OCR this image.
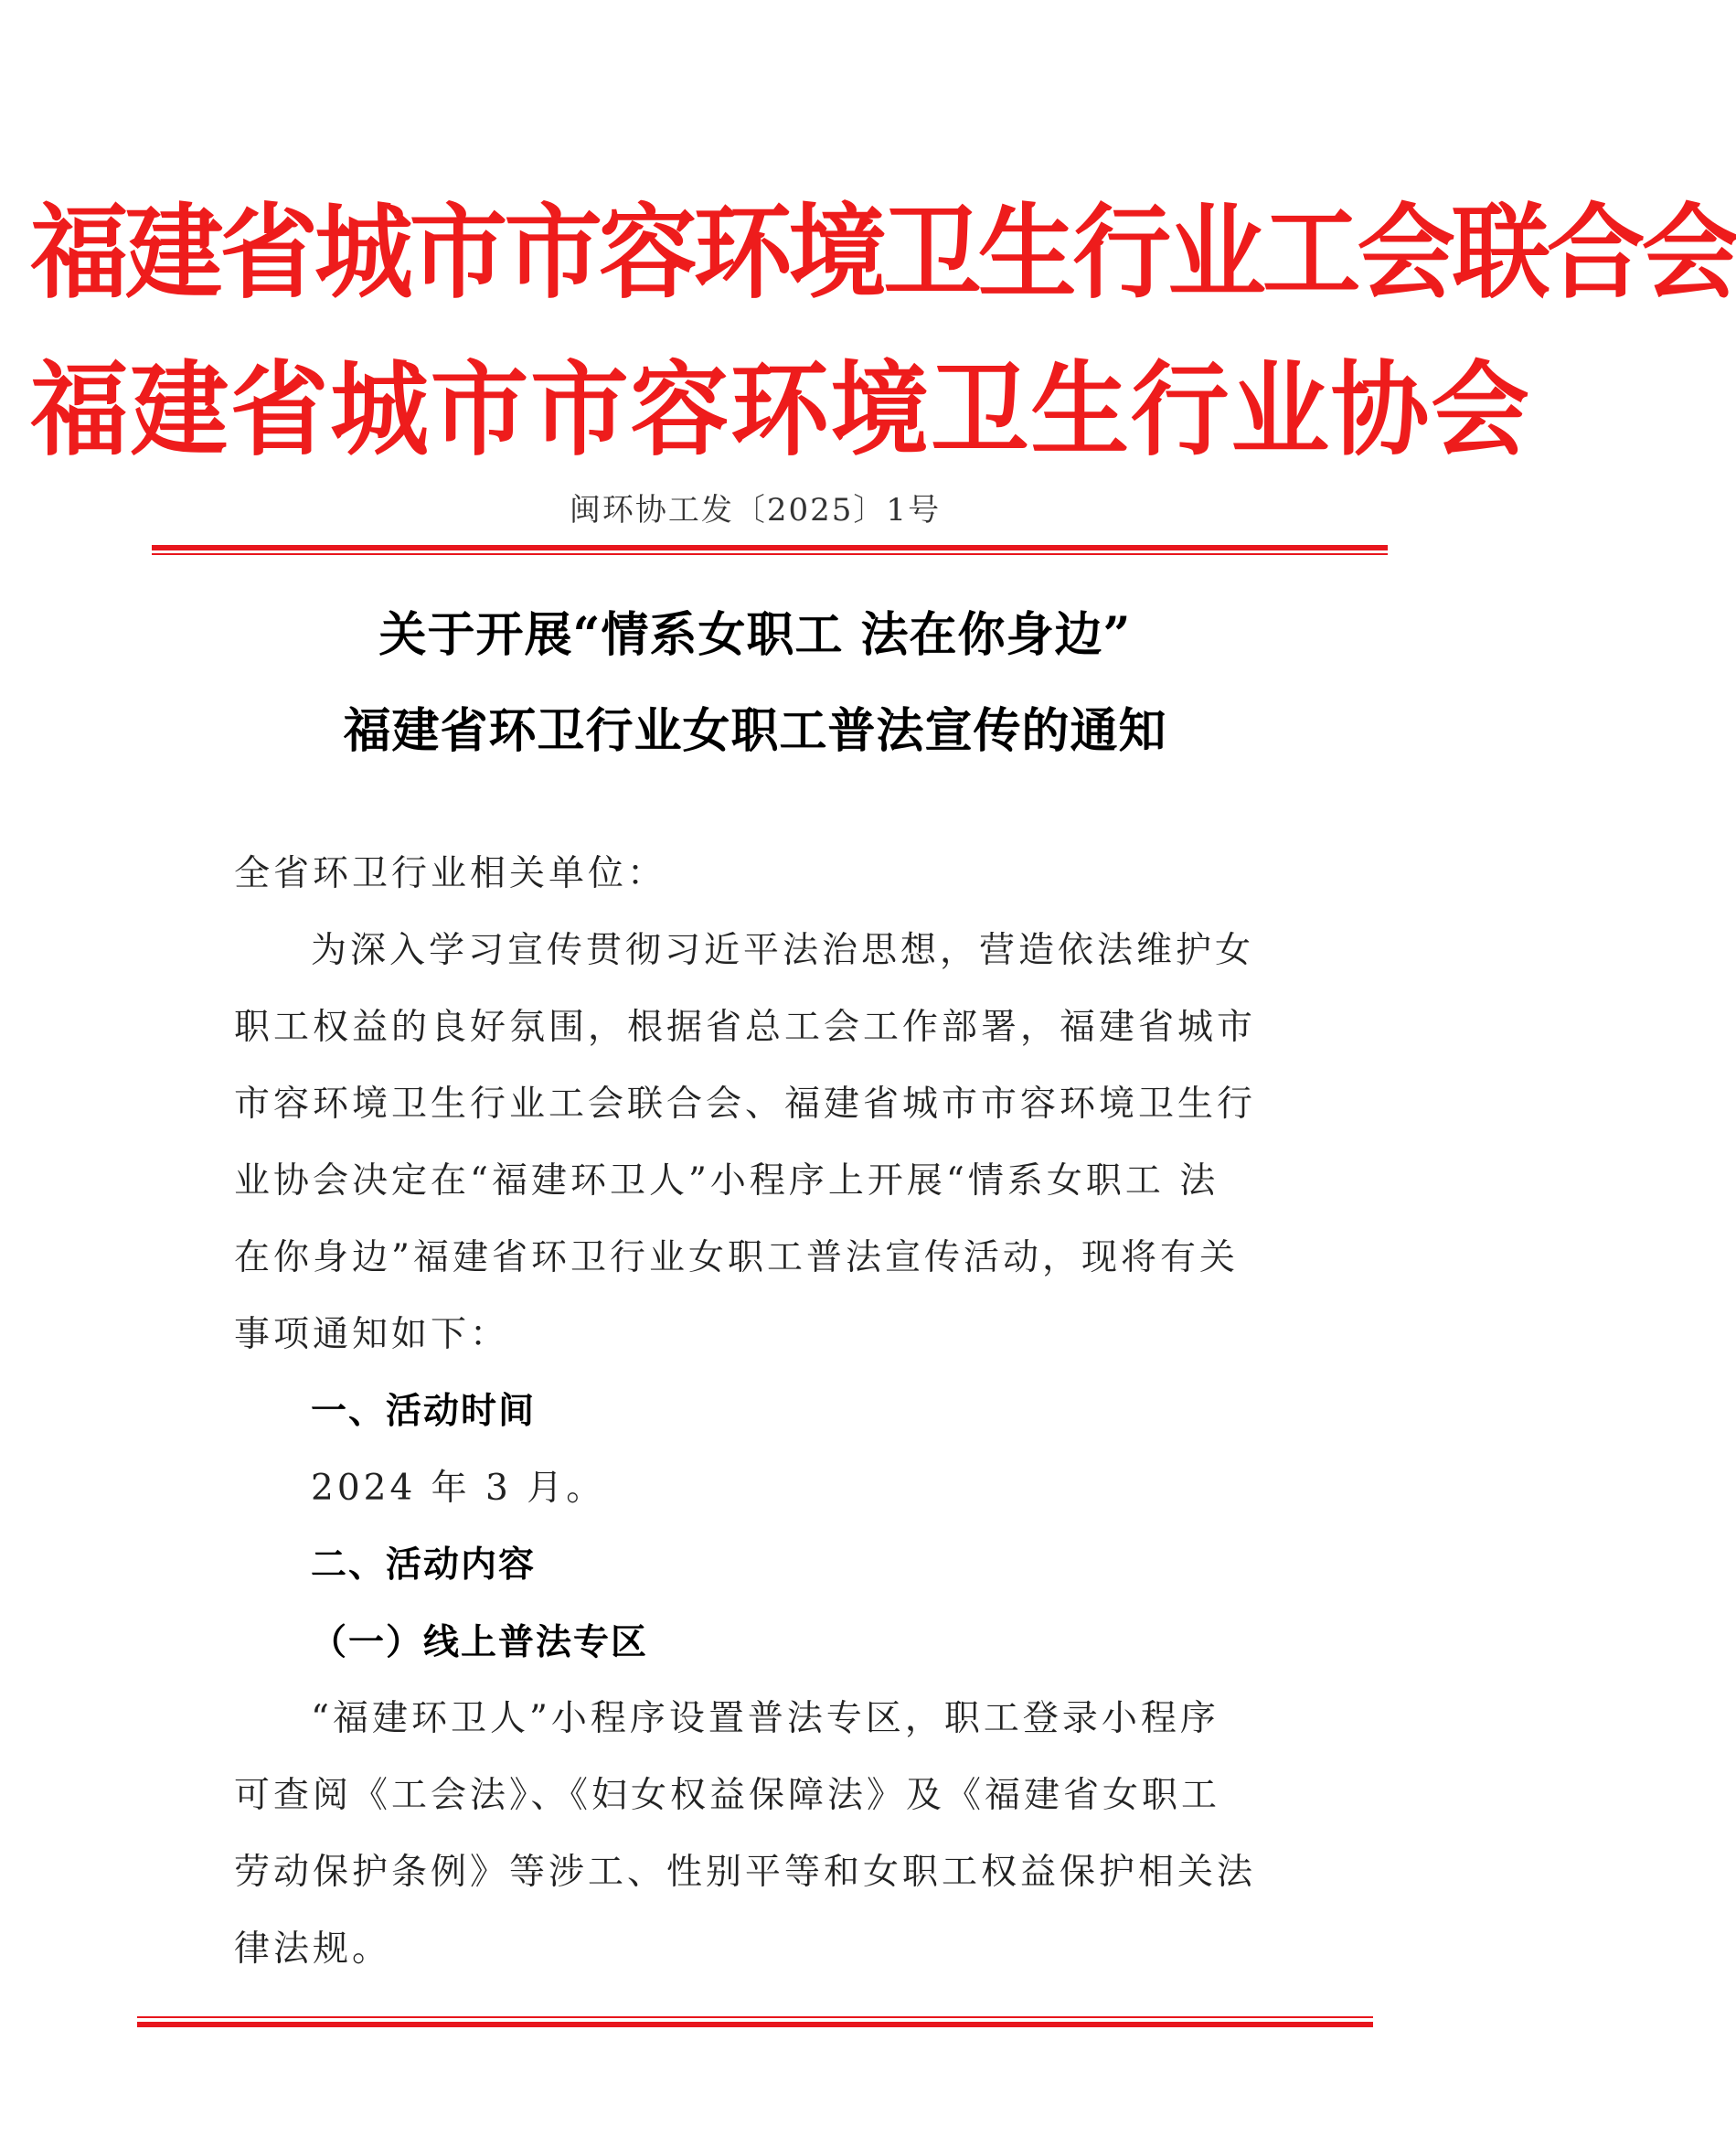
福建省城市市容环境卫生行业工会联合会
福建省城市市容环境卫生行业协会
闽环协工发〔2025〕1号
关于开展“情系女职工 法在你身边”
福建省环卫行业女职工普法宣传的通知
全省环卫行业相关单位：
为深入学习宣传贯彻习近平法治思想，营造依法维护女
职工权益的良好氛围，根据省总工会工作部署，福建省城市
市容环境卫生行业工会联合会、福建省城市市容环境卫生行
业协会决定在“福建环卫人”小程序上开展“情系女职工 法
在你身边”福建省环卫行业女职工普法宣传活动，现将有关
事项通知如下：
一、活动时间
2024 年 3 月。
二、活动内容
（一）线上普法专区
“福建环卫人”小程序设置普法专区，职工登录小程序
可查阅《工会法》、《妇女权益保障法》及《福建省女职工
劳动保护条例》等涉工、性别平等和女职工权益保护相关法
律法规。
